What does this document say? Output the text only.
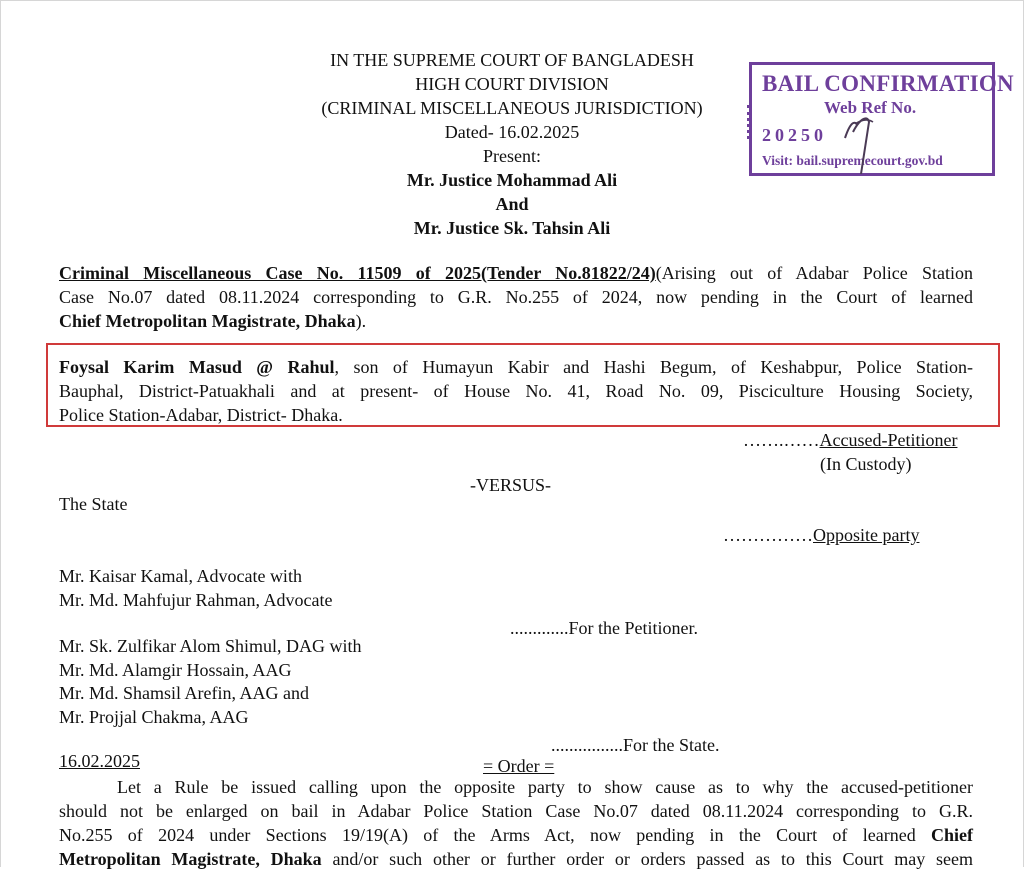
IN THE SUPREME COURT OF BANGLADESH
HIGH COURT DIVISION
(CRIMINAL MISCELLANEOUS JURISDICTION)
Dated- 16.02.2025
Present:
Mr. Justice Mohammad Ali
And
Mr. Justice Sk. Tahsin Ali
BAIL CONFIRMATION
Web Ref No.
20250
Visit: bail.supremecourt.gov.bd
Criminal Miscellaneous Case No. 11509 of 2025(Tender No.81822/24)(Arising out of Adabar Police Station
Case No.07 dated 08.11.2024 corresponding to G.R. No.255 of 2024, now pending in the Court of learned
Chief Metropolitan Magistrate, Dhaka).
Foysal Karim Masud @ Rahul, son of Humayun Kabir and Hashi Begum, of Keshabpur, Police Station-
Bauphal, District-Patuakhali and at present- of House No. 41, Road No. 09, Pisciculture Housing Society,
Police Station-Adabar, District- Dhaka.
…….……Accused-Petitioner
(In Custody)
-VERSUS-
The State
……………Opposite party
Mr. Kaisar Kamal, Advocate with
Mr. Md. Mahfujur Rahman, Advocate
.............For the Petitioner.
Mr. Sk. Zulfikar Alom Shimul, DAG with
Mr. Md. Alamgir Hossain, AAG
Mr. Md. Shamsil Arefin, AAG and
Mr. Projjal Chakma, AAG
................For the State.
16.02.2025	= Order =
Let a Rule be issued calling upon the opposite party to show cause as to why the accused-petitioner
should not be enlarged on bail in Adabar Police Station Case No.07 dated 08.11.2024 corresponding to G.R.
No.255 of 2024 under Sections 19/19(A) of the Arms Act, now pending in the Court of learned Chief
Metropolitan Magistrate, Dhaka and/or such other or further order or orders passed as to this Court may seem
